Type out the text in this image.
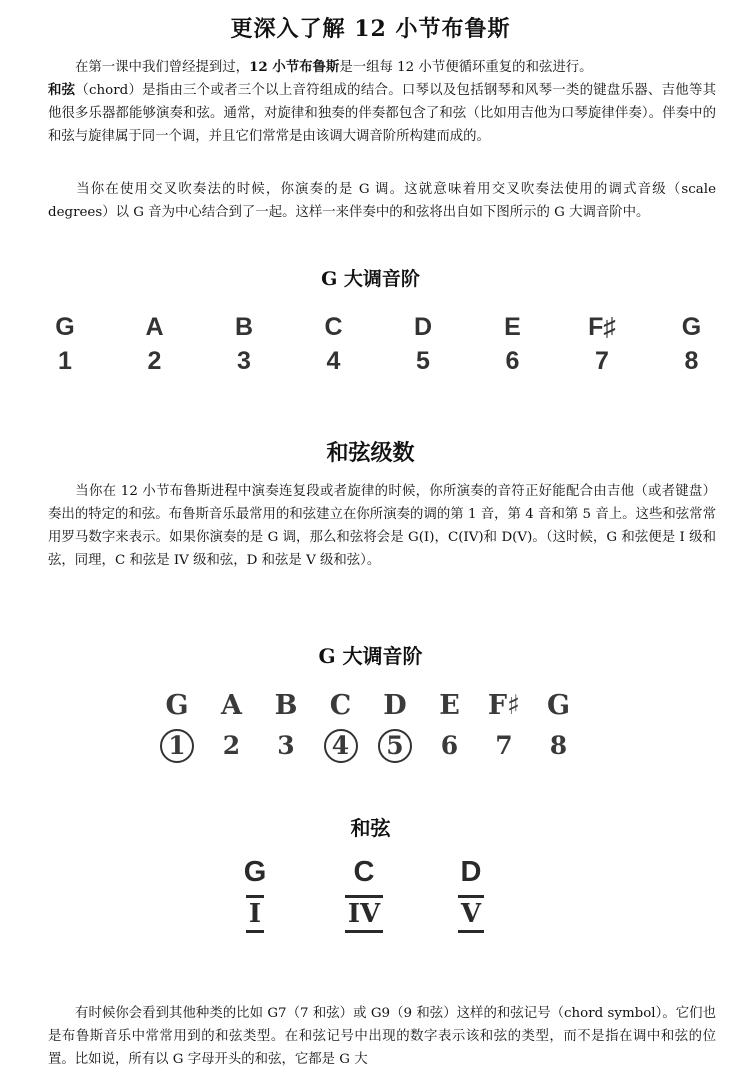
更深入了解 12 小节布鲁斯

在第一课中我们曾经提到过，12 小节布鲁斯是一组每 12 小节便循环重复的和弦进行。
和弦（chord）是指由三个或者三个以上音符组成的结合。口琴以及包括钢琴和风琴一类的键盘乐器、吉他等其他很多乐器都能够演奏和弦。通常，对旋律和独奏的伴奏都包含了和弦（比如用吉他为口琴旋律伴奏）。伴奏中的和弦与旋律属于同一个调，并且它们常常是由该调大调音阶所构建而成的。

当你在使用交叉吹奏法的时候，你演奏的是 G 调。这就意味着用交叉吹奏法使用的调式音级（scale degrees）以 G 音为中心结合到了一起。这样一来伴奏中的和弦将出自如下图所示的 G 大调音阶中。

G 大调音阶
G
1
A
2
B
3
C
4
D
5
E
6
F♯
7
G
8
和弦级数

当你在 12 小节布鲁斯进程中演奏连复段或者旋律的时候，你所演奏的音符正好能配合由吉他（或者键盘）奏出的特定的和弦。布鲁斯音乐最常用的和弦建立在你所演奏的调的第 1 音，第 4 音和第 5 音上。这些和弦常常用罗马数字来表示。如果你演奏的是 G 调，那么和弦将会是 G(I)，C(IV)和 D(V)。（这时候，G 和弦便是 I 级和弦，同理，C 和弦是 IV 级和弦，D 和弦是 V 级和弦）。

G 大调音阶
G
1
A
2
B
3
C
4
D
5
E
6
F♯
7
G
8
和弦
G
I
C
IV
D
V

有时候你会看到其他种类的比如 G7（7 和弦）或 G9（9 和弦）这样的和弦记号（chord symbol）。它们也是布鲁斯音乐中常常用到的和弦类型。在和弦记号中出现的数字表示该和弦的类型，而不是指在调中和弦的位置。比如说，所有以 G 字母开头的和弦，它都是 G 大
